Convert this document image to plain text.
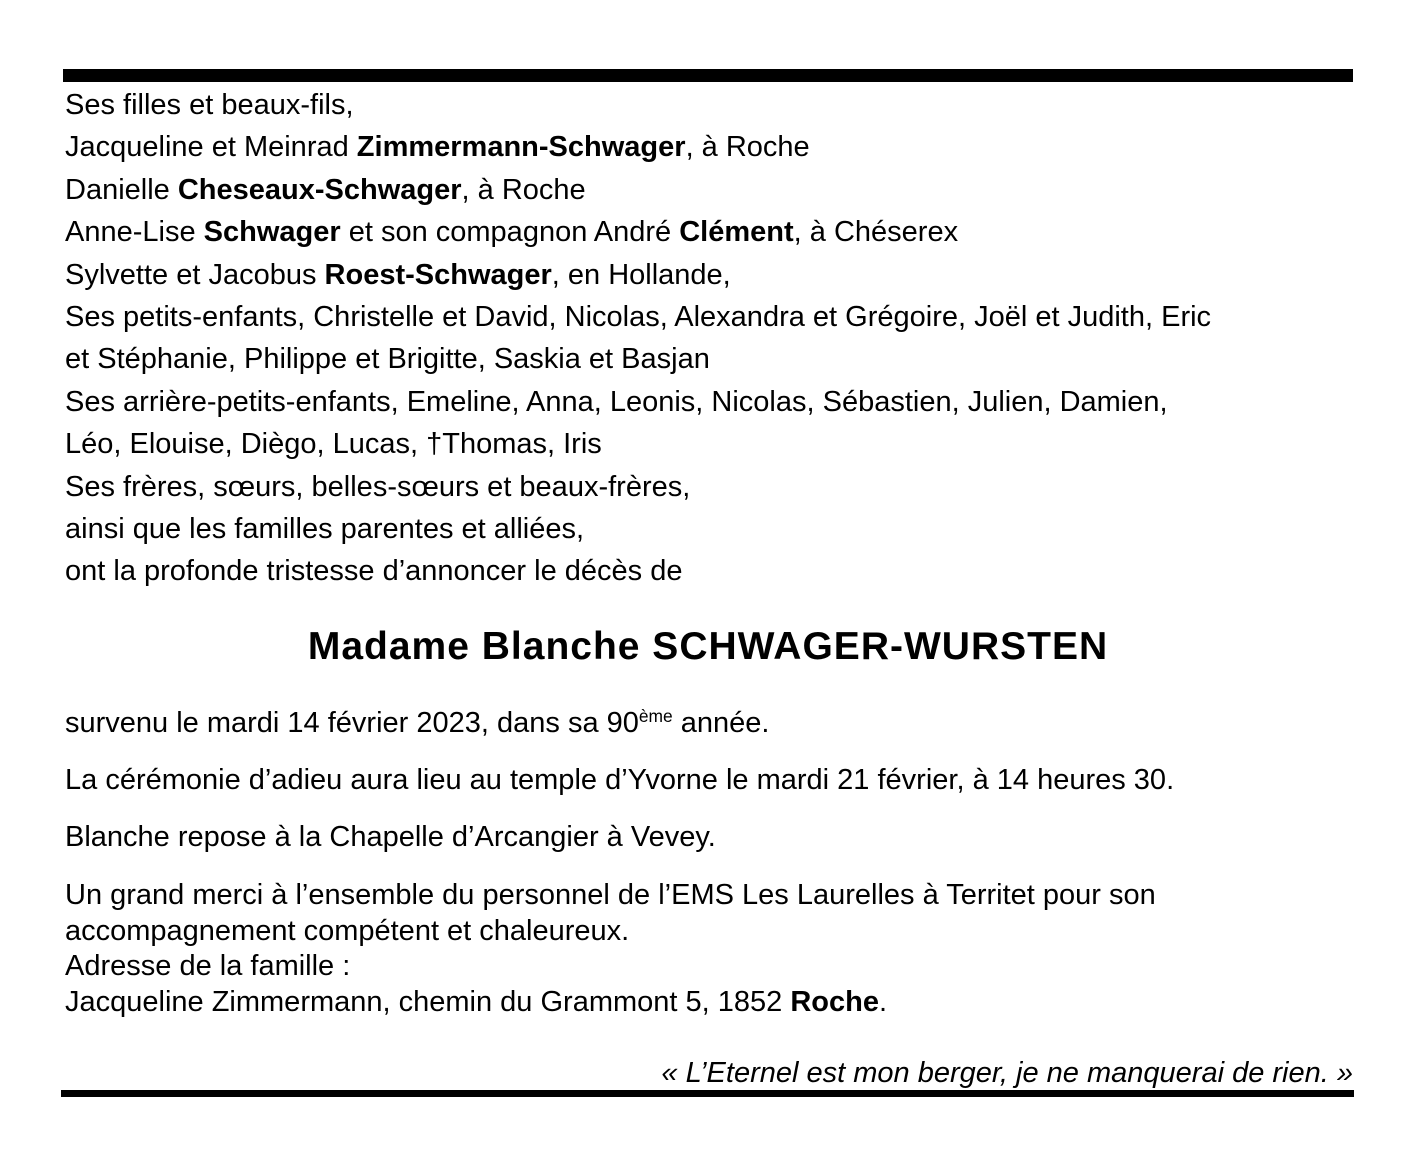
Ses filles et beaux-fils,
Jacqueline et Meinrad Zimmermann-Schwager, à Roche
Danielle Cheseaux-Schwager, à Roche
Anne-Lise Schwager et son compagnon André Clément, à Chéserex
Sylvette et Jacobus Roest-Schwager, en Hollande,
Ses petits-enfants, Christelle et David, Nicolas, Alexandra et Grégoire, Joël et Judith, Eric
et Stéphanie, Philippe et Brigitte, Saskia et Basjan
Ses arrière-petits-enfants, Emeline, Anna, Leonis, Nicolas, Sébastien, Julien, Damien,
Léo, Elouise, Diègo, Lucas, †Thomas, Iris
Ses frères, sœurs, belles-sœurs et beaux-frères,
ainsi que les familles parentes et alliées,
ont la profonde tristesse d’annoncer le décès de
Madame Blanche SCHWAGER-WURSTEN
survenu le mardi 14 février 2023, dans sa 90ème année.
La cérémonie d’adieu aura lieu au temple d’Yvorne le mardi 21 février, à 14 heures 30.
Blanche repose à la Chapelle d’Arcangier à Vevey.
Un grand merci à l’ensemble du personnel de l’EMS Les Laurelles à Territet pour son
accompagnement compétent et chaleureux.
Adresse de la famille :
Jacqueline Zimmermann, chemin du Grammont 5, 1852 Roche.
« L’Eternel est mon berger, je ne manquerai de rien. »
